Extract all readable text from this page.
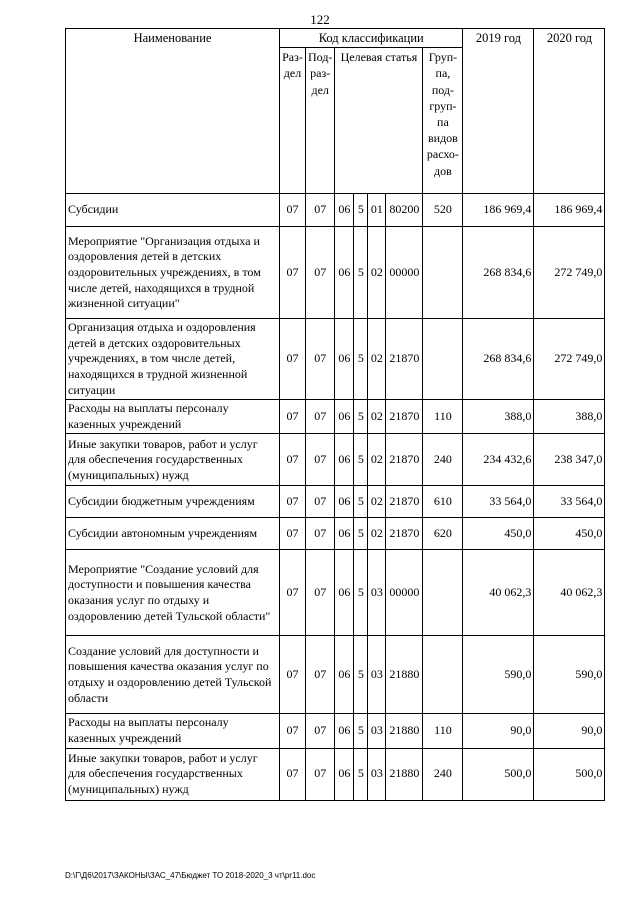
122
Наименование	Код классификации							2019 год	2020 год
	Раз-дел	Под-раз-дел	Целевая статья				Груп-па, под-груп-па видов расхо-дов		
Субсидии	07	07	06	5	01	80200	520	186 969,4	186 969,4
Мероприятие "Организация отдыха и оздоровления детей в детских оздоровительных учреждениях, в том числе детей, находящихся в трудной жизненной ситуации"	07	07	06	5	02	00000		268 834,6	272 749,0
Организация отдыха и оздоровления детей в детских оздоровительных учреждениях, в том числе детей, находящихся в трудной жизненной ситуации	07	07	06	5	02	21870		268 834,6	272 749,0
Расходы на выплаты персоналу казенных учреждений	07	07	06	5	02	21870	110	388,0	388,0
Иные закупки товаров, работ и услуг для обеспечения государственных (муниципальных) нужд	07	07	06	5	02	21870	240	234 432,6	238 347,0
Субсидии бюджетным учреждениям	07	07	06	5	02	21870	610	33 564,0	33 564,0
Субсидии автономным учреждениям	07	07	06	5	02	21870	620	450,0	450,0
Мероприятие "Создание условий для доступности и повышения качества оказания услуг по отдыху и оздоровлению детей Тульской области"	07	07	06	5	03	00000		40 062,3	40 062,3
Создание условий для доступности и повышения качества оказания услуг по отдыху и оздоровлению детей Тульской области	07	07	06	5	03	21880		590,0	590,0
Расходы на выплаты персоналу казенных учреждений	07	07	06	5	03	21880	110	90,0	90,0
Иные закупки товаров, работ и услуг для обеспечения государственных (муниципальных) нужд	07	07	06	5	03	21880	240	500,0	500,0
D:\Г\Д6\2017\ЗАКОНЫ\ЗАС_47\Бюджет ТО 2018-2020_3 чт\pr11.doc
